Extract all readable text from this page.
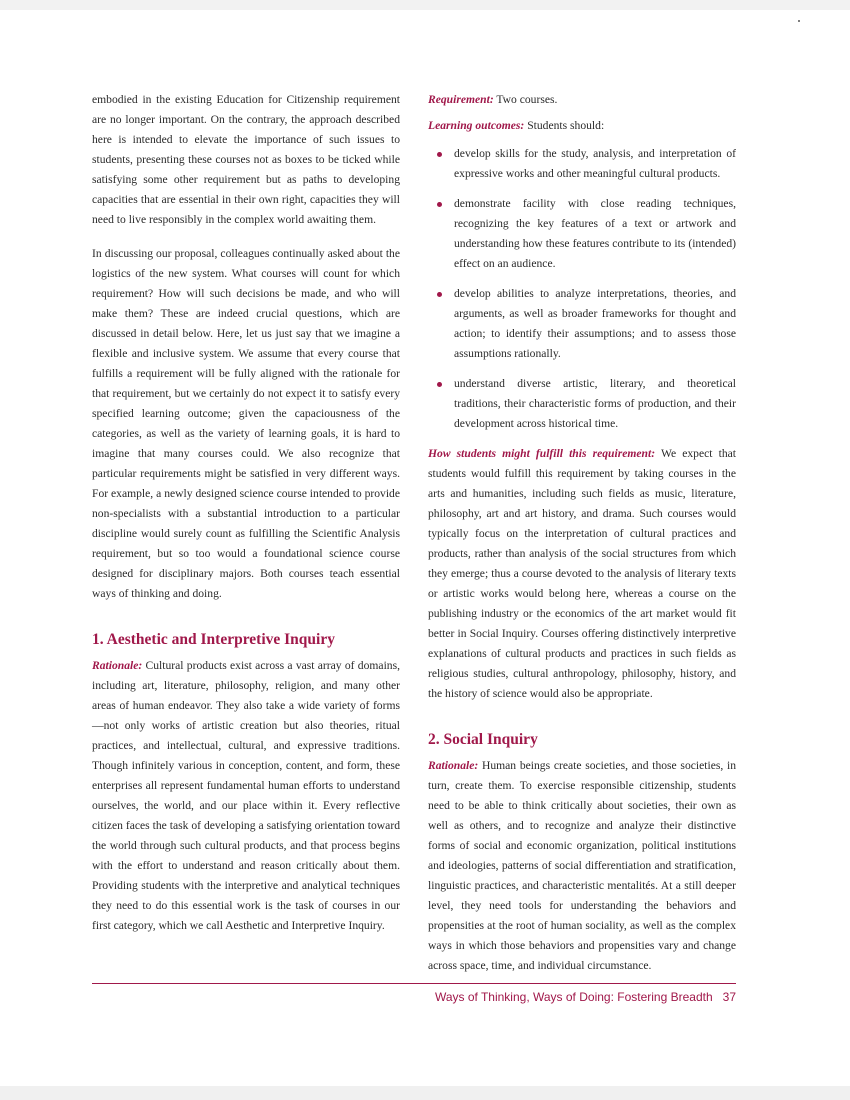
embodied in the existing Education for Citizenship requirement are no longer important. On the contrary, the approach described here is intended to elevate the importance of such issues to students, presenting these courses not as boxes to be ticked while satisfying some other requirement but as paths to developing capacities that are essential in their own right, capacities they will need to live responsibly in the complex world awaiting them.

In discussing our proposal, colleagues continually asked about the logistics of the new system. What courses will count for which requirement? How will such decisions be made, and who will make them? These are indeed crucial questions, which are discussed in detail below. Here, let us just say that we imagine a flexible and inclusive system. We assume that every course that fulfills a requirement will be fully aligned with the rationale for that requirement, but we certainly do not expect it to satisfy every specified learning outcome; given the capaciousness of the categories, as well as the variety of learning goals, it is hard to imagine that many courses could. We also recognize that particular requirements might be satisfied in very different ways. For example, a newly designed science course intended to provide non-specialists with a substantial introduction to a particular discipline would surely count as fulfilling the Scientific Analysis requirement, but so too would a foundational science course designed for disciplinary majors. Both courses teach essential ways of thinking and doing.

1. Aesthetic and Interpretive Inquiry

Rationale: Cultural products exist across a vast array of domains, including art, literature, philosophy, religion, and many other areas of human endeavor. They also take a wide variety of forms—not only works of artistic creation but also theories, ritual practices, and intellectual, cultural, and expressive traditions. Though infinitely various in conception, content, and form, these enterprises all represent fundamental human efforts to understand ourselves, the world, and our place within it. Every reflective citizen faces the task of developing a satisfying orientation toward the world through such cultural products, and that process begins with the effort to understand and reason critically about them. Providing students with the interpretive and analytical techniques they need to do this essential work is the task of courses in our first category, which we call Aesthetic and Interpretive Inquiry.

Requirement: Two courses.

Learning outcomes: Students should:

develop skills for the study, analysis, and interpretation of expressive works and other meaningful cultural products.
demonstrate facility with close reading techniques, recognizing the key features of a text or artwork and understanding how these features contribute to its (intended) effect on an audience.
develop abilities to analyze interpretations, theories, and arguments, as well as broader frameworks for thought and action; to identify their assumptions; and to assess those assumptions rationally.
understand diverse artistic, literary, and theoretical traditions, their characteristic forms of production, and their development across historical time.

How students might fulfill this requirement: We expect that students would fulfill this requirement by taking courses in the arts and humanities, including such fields as music, literature, philosophy, art and art history, and drama. Such courses would typically focus on the interpretation of cultural practices and products, rather than analysis of the social structures from which they emerge; thus a course devoted to the analysis of literary texts or artistic works would belong here, whereas a course on the publishing industry or the economics of the art market would fit better in Social Inquiry. Courses offering distinctively interpretive explanations of cultural products and practices in such fields as religious studies, cultural anthropology, philosophy, history, and the history of science would also be appropriate.

2. Social Inquiry

Rationale: Human beings create societies, and those societies, in turn, create them. To exercise responsible citizenship, students need to be able to think critically about societies, their own as well as others, and to recognize and analyze their distinctive forms of social and economic organization, political institutions and ideologies, patterns of social differentiation and stratification, linguistic practices, and characteristic mentalités. At a still deeper level, they need tools for understanding the behaviors and propensities at the root of human sociality, as well as the complex ways in which those behaviors and propensities vary and change across space, time, and individual circumstance.

Ways of Thinking, Ways of Doing: Fostering Breadth 37
